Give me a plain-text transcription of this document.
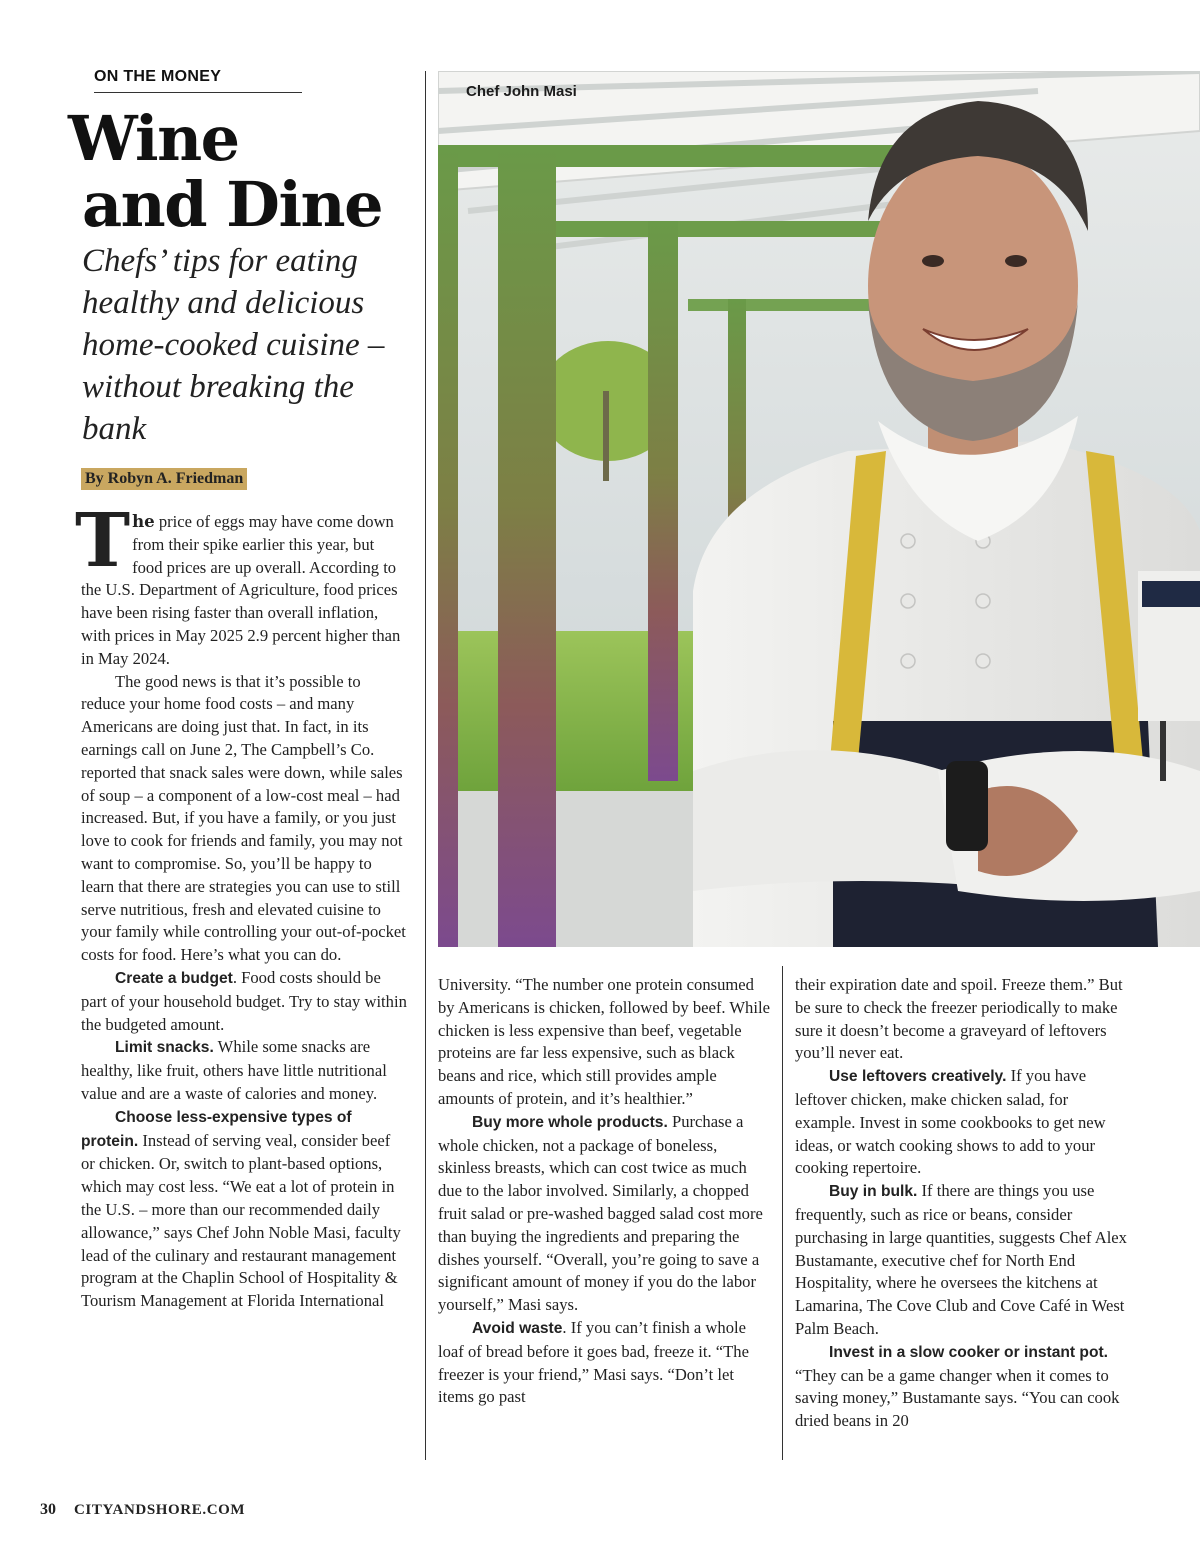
ON THE MONEY
Wine
and Dine

Chefs’ tips for eating healthy and delicious home-cooked cuisine – without breaking the bank

By Robyn A. Friedman

The price of eggs may have come down from their spike earlier this year, but food prices are up overall. According to the U.S. Department of Agriculture, food prices have been rising faster than overall inflation, with prices in May 2025 2.9 percent higher than in May 2024.

The good news is that it’s possible to reduce your home food costs – and many Americans are doing just that. In fact, in its earnings call on June 2, The Campbell’s Co. reported that snack sales were down, while sales of soup – a component of a low-cost meal – had increased. But, if you have a family, or you just love to cook for friends and family, you may not want to compromise. So, you’ll be happy to learn that there are strategies you can use to still serve nutritious, fresh and elevated cuisine to your family while controlling your out-of-pocket costs for food. Here’s what you can do.

Create a budget. Food costs should be part of your household budget. Try to stay within the budgeted amount.

Limit snacks. While some snacks are healthy, like fruit, others have little nutritional value and are a waste of calories and money.

Choose less-expensive types of protein. Instead of serving veal, consider beef or chicken. Or, switch to plant-based options, which may cost less. “We eat a lot of protein in the U.S. – more than our recommended daily allowance,” says Chef John Noble Masi, faculty lead of the culinary and restaurant management program at the Chaplin School of Hospitality & Tourism Management at Florida International

Chef John Masi

University. “The number one protein consumed by Americans is chicken, followed by beef. While chicken is less expensive than beef, vegetable proteins are far less expensive, such as black beans and rice, which still provides ample amounts of protein, and it’s healthier.”

Buy more whole products. Purchase a whole chicken, not a package of boneless, skinless breasts, which can cost twice as much due to the labor involved. Similarly, a chopped fruit salad or pre-washed bagged salad cost more than buying the ingredients and preparing the dishes yourself. “Overall, you’re going to save a significant amount of money if you do the labor yourself,” Masi says.

Avoid waste. If you can’t finish a whole loaf of bread before it goes bad, freeze it. “The freezer is your friend,” Masi says. “Don’t let items go past

their expiration date and spoil. Freeze them.” But be sure to check the freezer periodically to make sure it doesn’t become a graveyard of leftovers you’ll never eat.

Use leftovers creatively. If you have leftover chicken, make chicken salad, for example. Invest in some cookbooks to get new ideas, or watch cooking shows to add to your cooking repertoire.

Buy in bulk. If there are things you use frequently, such as rice or beans, consider purchasing in large quantities, suggests Chef Alex Bustamante, executive chef for North End Hospitality, where he oversees the kitchens at Lamarina, The Cove Club and Cove Café in West Palm Beach.

Invest in a slow cooker or instant pot. “They can be a game changer when it comes to saving money,” Bustamante says. “You can cook dried beans in 20

30 CITYANDSHORE.COM
